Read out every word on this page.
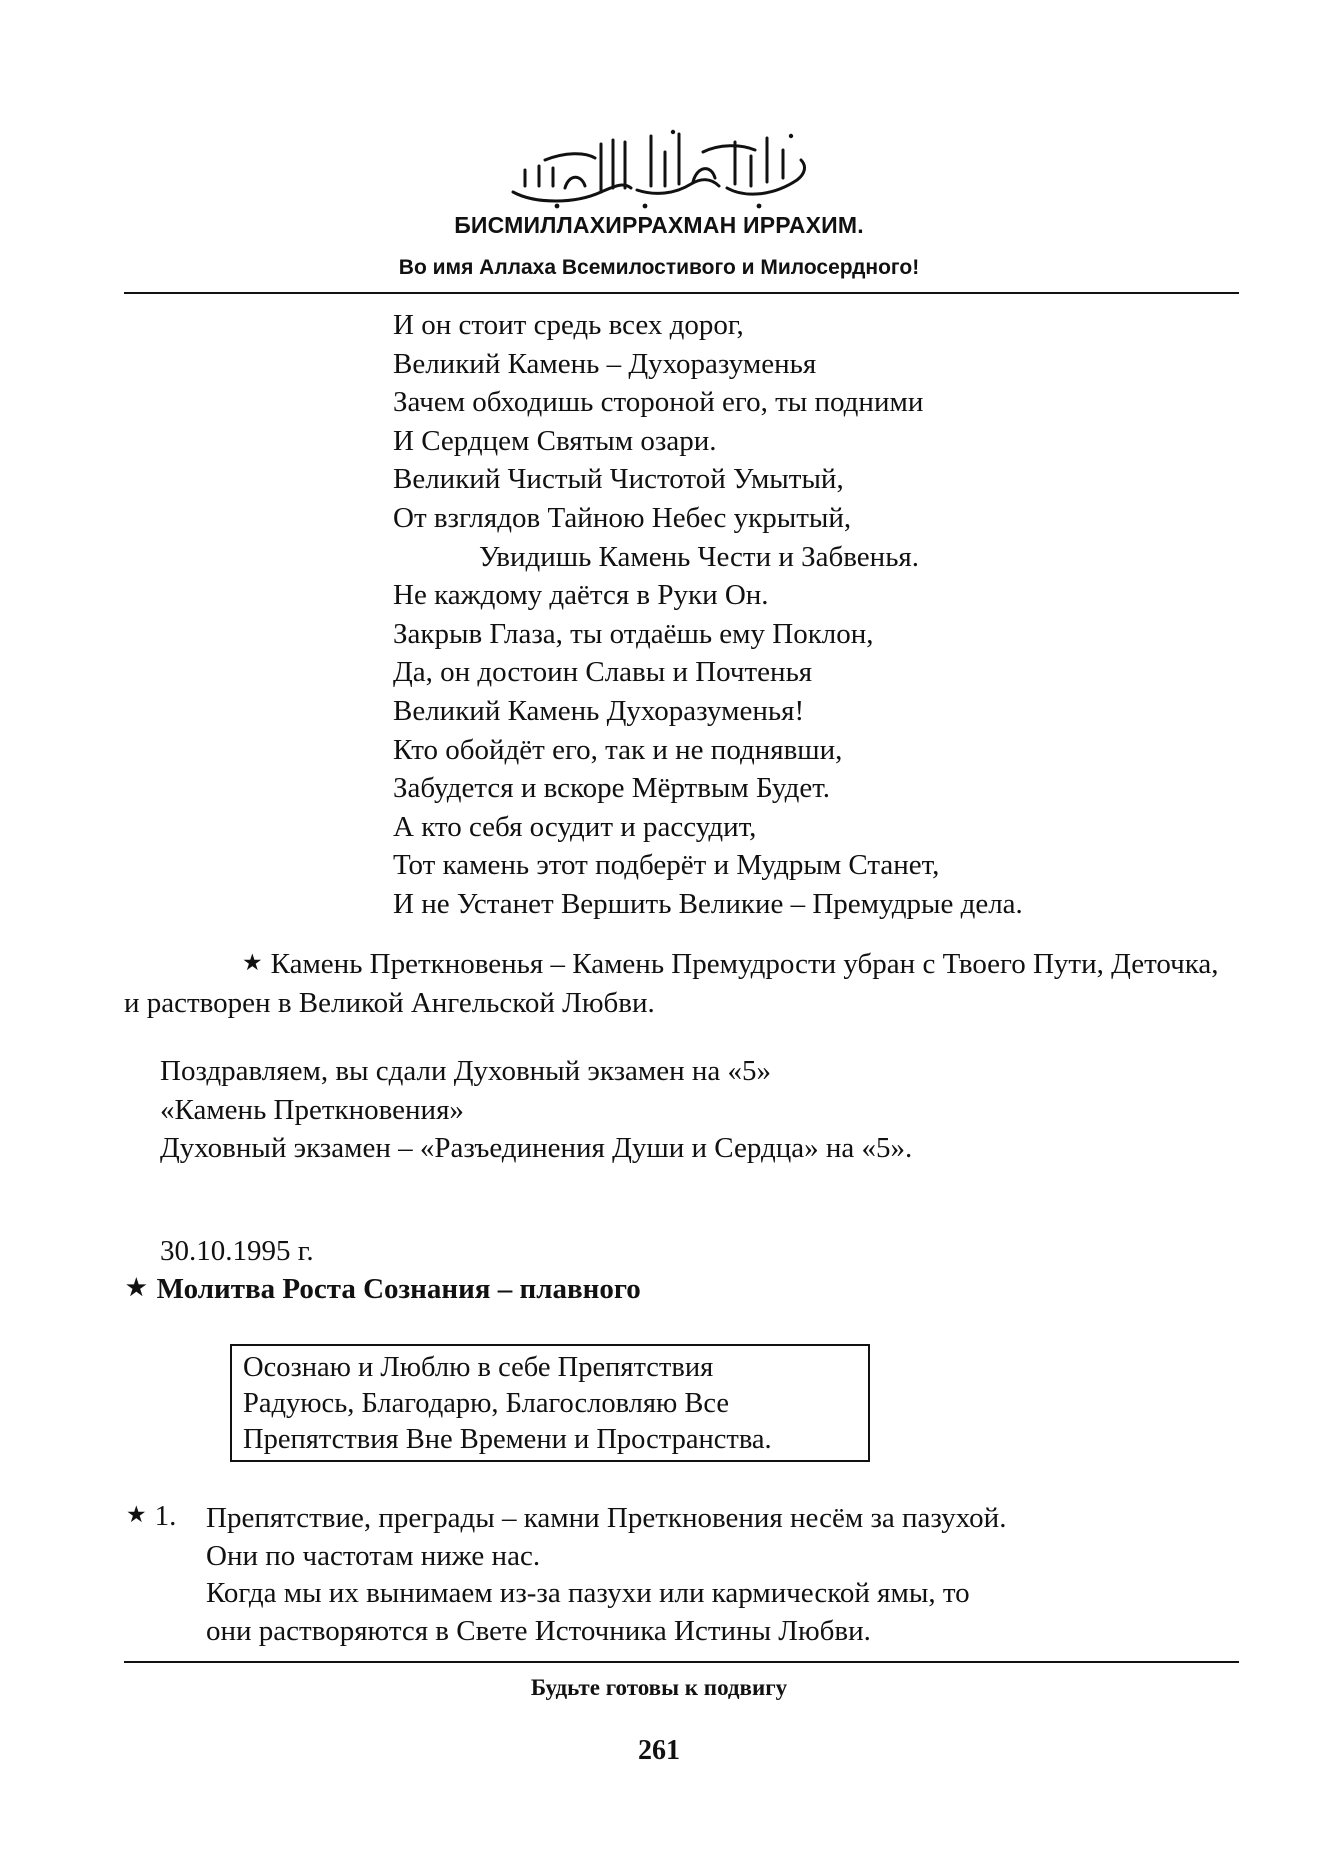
БИСМИЛЛАХИРРАХМАН ИРРАХИМ.
Во имя Аллаха Всемилостивого и Милосердного!
И он стоит средь всех дорог,
Великий Камень – Духоразуменья
Зачем обходишь стороной его, ты подними
И Сердцем Святым озари.
Великий Чистый Чистотой Умытый,
От взглядов Тайною Небес укрытый,
Увидишь Камень Чести и Забвенья.
Не каждому даётся в Руки Он.
Закрыв Глаза, ты отдаёшь ему Поклон,
Да, он достоин Славы и Почтенья
Великий Камень Духоразуменья!
Кто обойдёт его, так и не поднявши,
Забудется и вскоре Мёртвым Будет.
А кто себя осудит и рассудит,
Тот камень этот подберёт и Мудрым Станет,
И не Устанет Вершить Великие – Премудрые дела.

★ Камень Преткновенья – Камень Премудрости убран с Твоего Пути, Деточка, и растворен в Великой Ангельской Любви.

Поздравляем, вы сдали Духовный экзамен на «5»
«Камень Преткновения»
Духовный экзамен – «Разъединения Души и Сердца» на «5».
30.10.1995 г.
★ Молитва Роста Сознания – плавного
Осознаю и Люблю в себе Препятствия
Радуюсь, Благодарю, Благословляю Все
Препятствия Вне Времени и Пространства.
★ 1. Препятствие, преграды – камни Преткновения несём за пазухой.
Они по частотам ниже нас.
Когда мы их вынимаем из-за пазухи или кармической ямы, то
они растворяются в Свете Источника Истины Любви.
Будьте готовы к подвигу
261
